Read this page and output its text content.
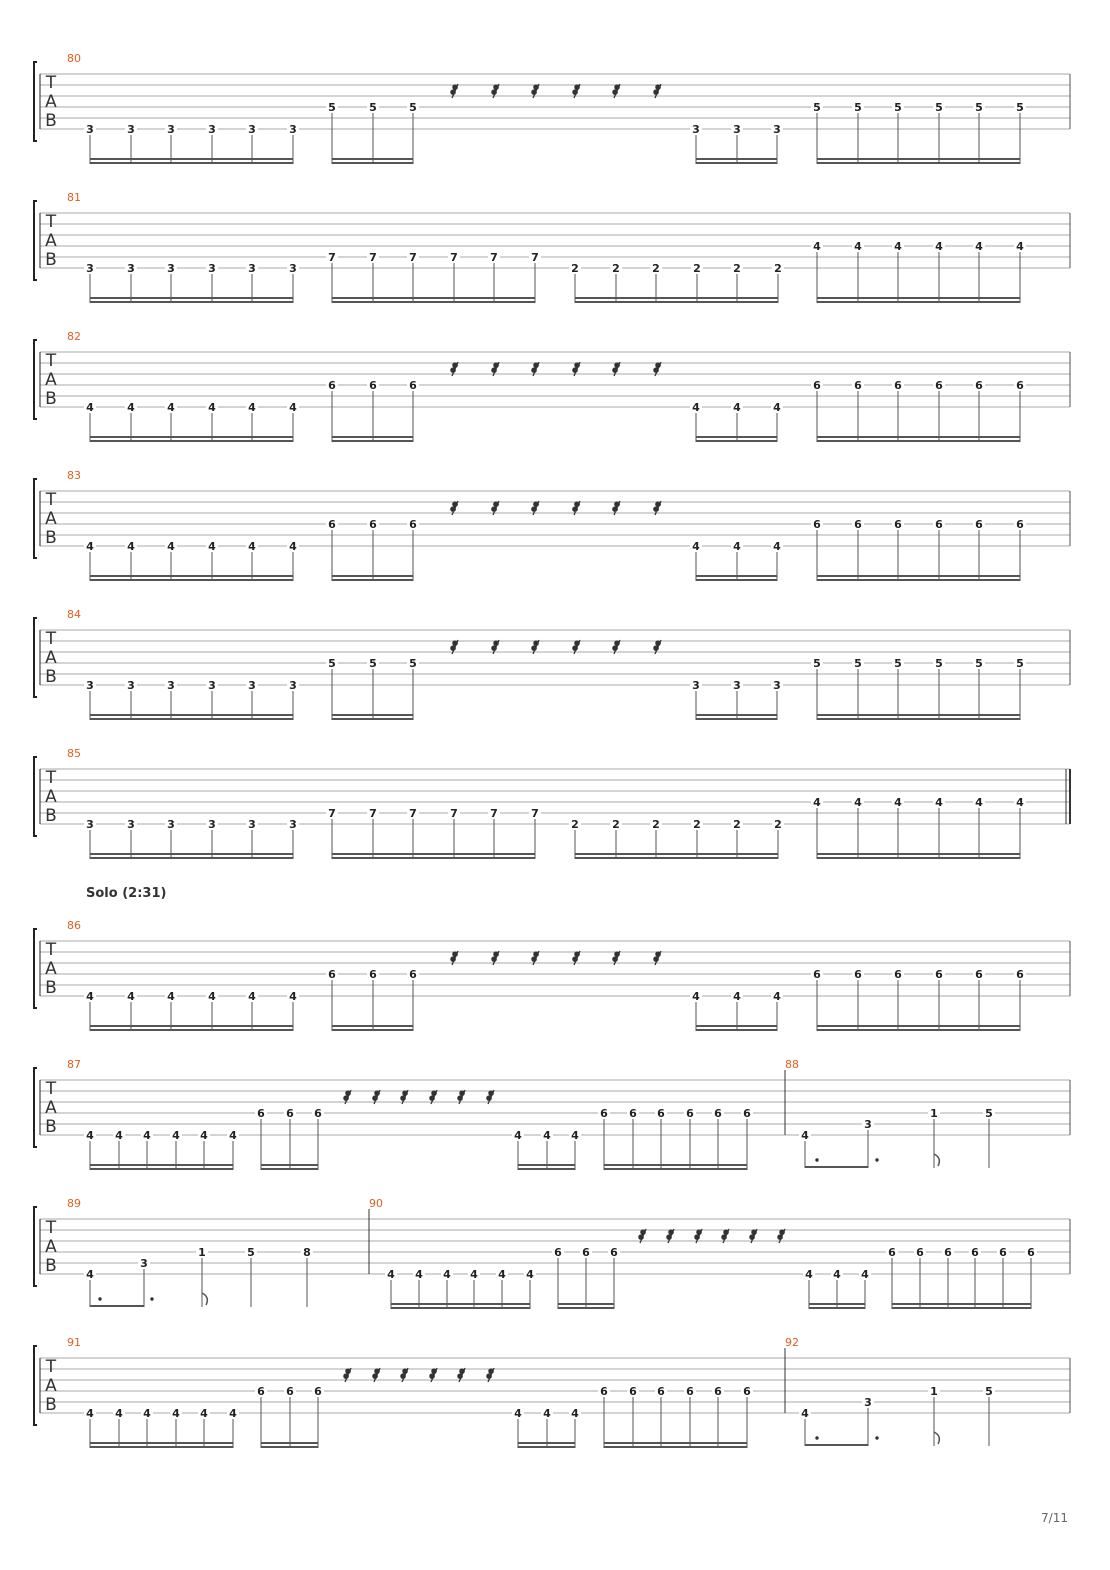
T
A
B
80
3	3	3	3	3	3
5	5	5
3	3	3
5	5	5	5	5	5
T
A
B
81
3	3	3	3	3	3
7	7	7	7	7	7
2	2	2	2	2	2
4	4	4	4	4	4
T
A
B
82
4	4	4	4	4	4
6	6	6
4	4	4
6	6	6	6	6	6
T
A
B
83
4	4	4	4	4	4
6	6	6
4	4	4
6	6	6	6	6	6
T
A
B
84
3	3	3	3	3	3
5	5	5
3	3	3
5	5	5	5	5	5
T
A
B
85
3	3	3	3	3	3
7	7	7	7	7	7
2	2	2	2	2	2
4	4	4	4	4	4
T
A
B
86
4	4	4	4	4	4
6	6	6
4	4	4
6	6	6	6	6	6
T
A
B
87
4 4 4 4 4 4
6 6 6
4 4 4
6 6 6 6 6 6
88
4
3
1	5
T
A
B
89
4
3
1	5	8
90
4 4 4 4 4 4
6 6 6
4 4 4
6 6 6 6 6 6
T
A
B
91
4 4 4 4 4 4
6 6 6
4 4 4
6 6 6 6 6 6
92
4
3
1	5
Solo (2:31)
7/11
